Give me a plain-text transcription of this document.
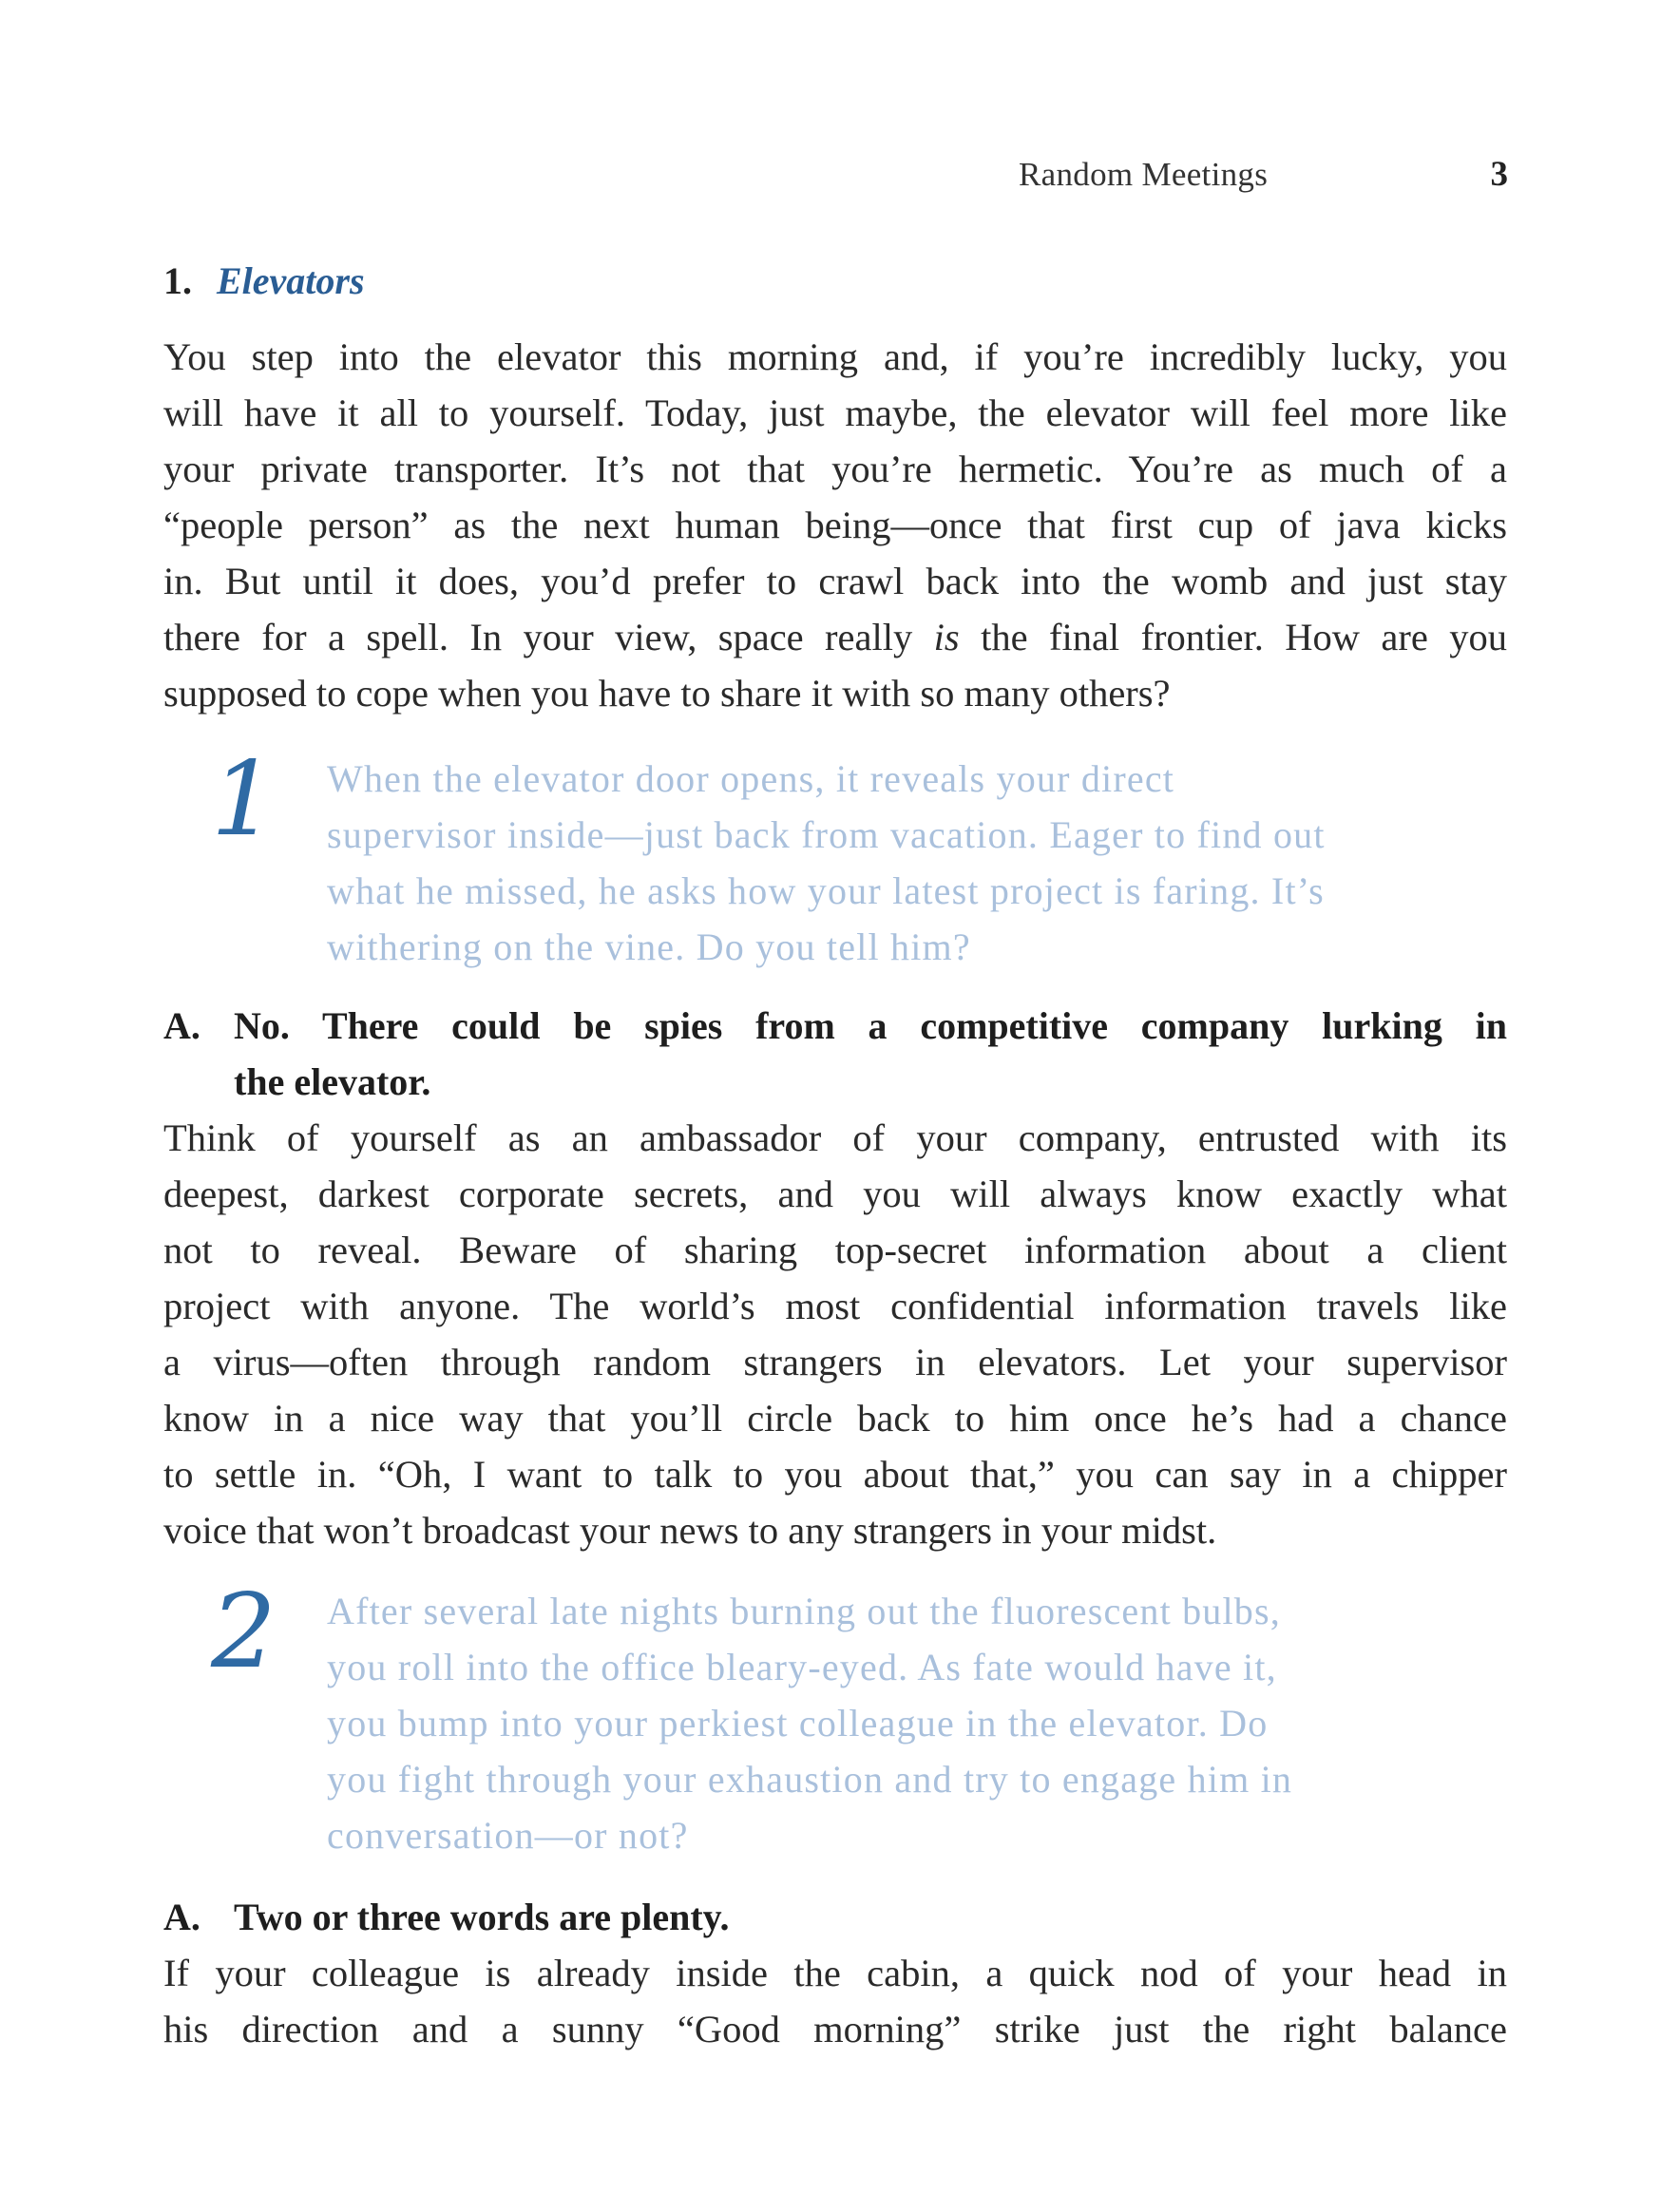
Random Meetings	3
1. Elevators
You step into the elevator this morning and, if you’re incredibly lucky, you
will have it all to yourself. Today, just maybe, the elevator will feel more like
your private transporter. It’s not that you’re hermetic. You’re as much of a
“people person” as the next human being—once that first cup of java kicks
in. But until it does, you’d prefer to crawl back into the womb and just stay
there for a spell. In your view, space really is the final frontier. How are you
supposed to cope when you have to share it with so many others?
1 When the elevator door opens, it reveals your direct
supervisor inside—just back from vacation. Eager to find out
what he missed, he asks how your latest project is faring. It’s
withering on the vine. Do you tell him?
A. No. There could be spies from a competitive company lurking in
the elevator.
Think of yourself as an ambassador of your company, entrusted with its
deepest, darkest corporate secrets, and you will always know exactly what
not to reveal. Beware of sharing top-secret information about a client
project with anyone. The world’s most confidential information travels like
a virus—often through random strangers in elevators. Let your supervisor
know in a nice way that you’ll circle back to him once he’s had a chance
to settle in. “Oh, I want to talk to you about that,” you can say in a chipper
voice that won’t broadcast your news to any strangers in your midst.
2 After several late nights burning out the fluorescent bulbs,
you roll into the office bleary-eyed. As fate would have it,
you bump into your perkiest colleague in the elevator. Do
you fight through your exhaustion and try to engage him in
conversation—or not?
A. Two or three words are plenty.
If your colleague is already inside the cabin, a quick nod of your head in
his direction and a sunny “Good morning” strike just the right balance
